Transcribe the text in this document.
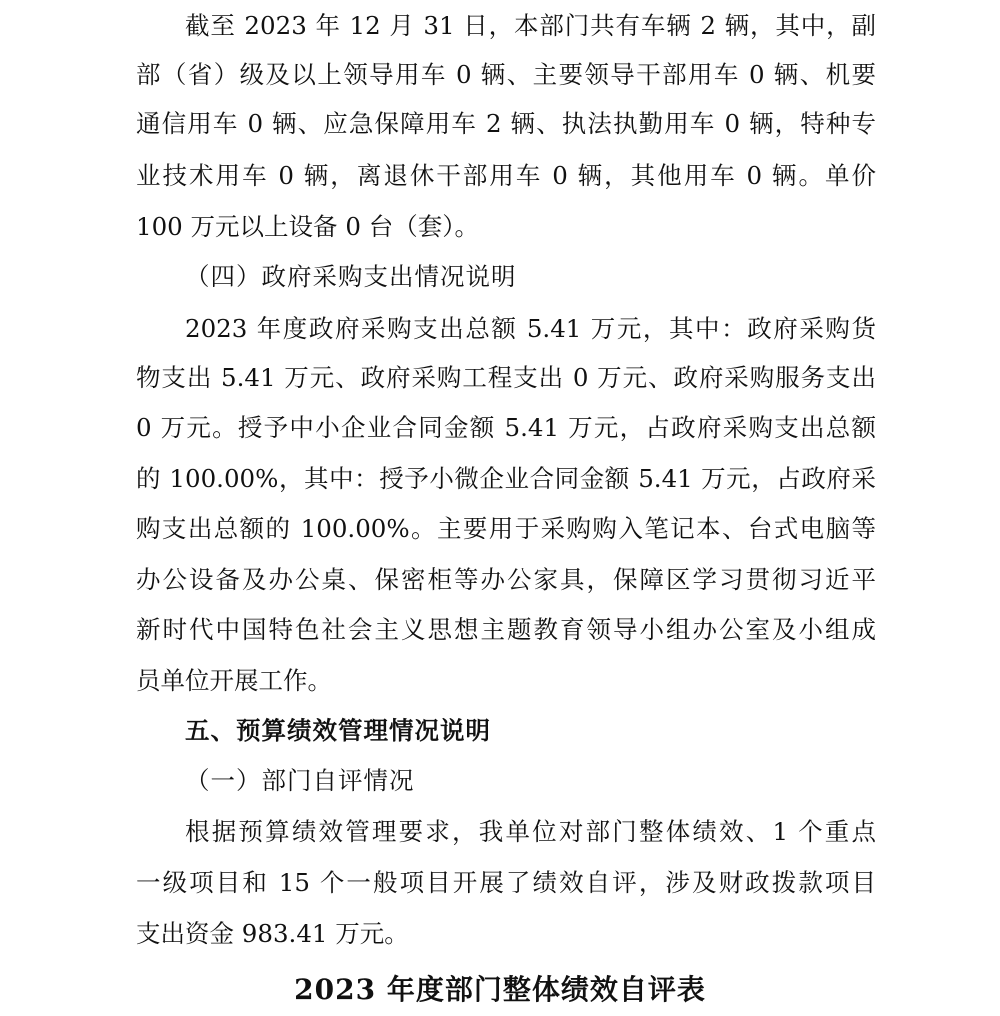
截至 2023 年 12 月 31 日，本部门共有车辆 2 辆，其中，副
部（省）级及以上领导用车 0 辆、主要领导干部用车 0 辆、机要
通信用车 0 辆、应急保障用车 2 辆、执法执勤用车 0 辆，特种专
业技术用车 0 辆，离退休干部用车 0 辆，其他用车 0 辆。单价
100 万元以上设备 0 台（套）。
（四）政府采购支出情况说明
2023 年度政府采购支出总额 5.41 万元，其中：政府采购货
物支出 5.41 万元、政府采购工程支出 0 万元、政府采购服务支出
0 万元。授予中小企业合同金额 5.41 万元，占政府采购支出总额
的 100.00%，其中：授予小微企业合同金额 5.41 万元，占政府采
购支出总额的 100.00%。主要用于采购购入笔记本、台式电脑等
办公设备及办公桌、保密柜等办公家具，保障区学习贯彻习近平
新时代中国特色社会主义思想主题教育领导小组办公室及小组成
员单位开展工作。
五、预算绩效管理情况说明
（一）部门自评情况
根据预算绩效管理要求，我单位对部门整体绩效、1 个重点
一级项目和 15 个一般项目开展了绩效自评，涉及财政拨款项目
支出资金 983.41 万元。
2023 年度部门整体绩效自评表
